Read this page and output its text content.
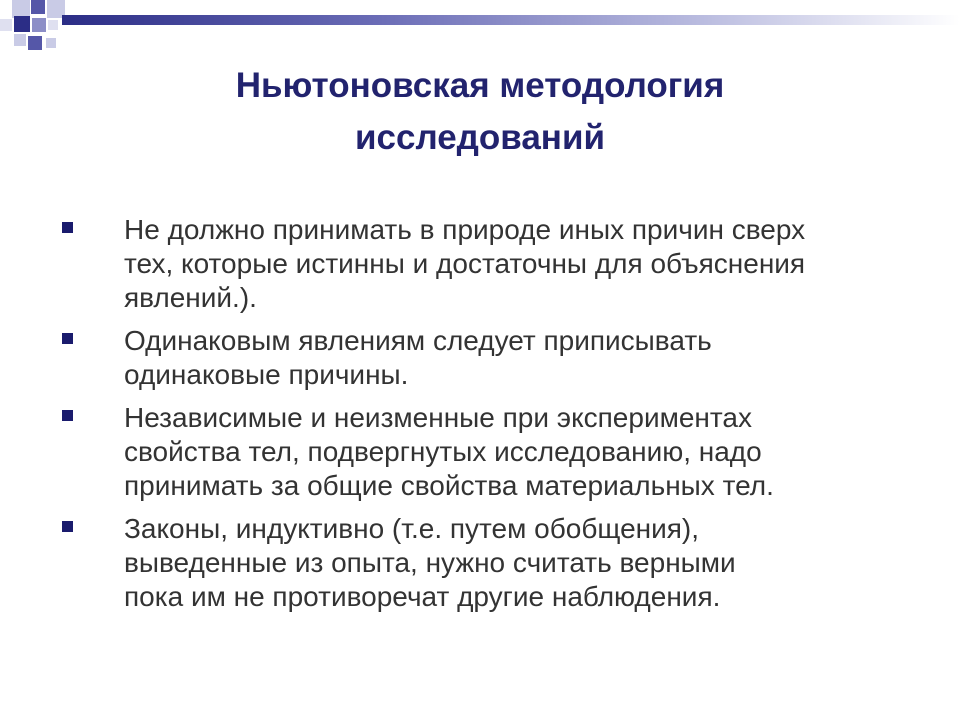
Ньютоновская методология
исследований
Не должно принимать в природе иных причин сверх
тех, которые истинны и достаточны для объяснения
явлений.).
Одинаковым явлениям следует приписывать
одинаковые причины.
Независимые и неизменные при экспериментах
свойства тел, подвергнутых исследованию, надо
принимать за общие свойства материальных тел.
Законы, индуктивно (т.е. путем обобщения),
выведенные из опыта, нужно считать верными
пока им не противоречат другие наблюдения.
